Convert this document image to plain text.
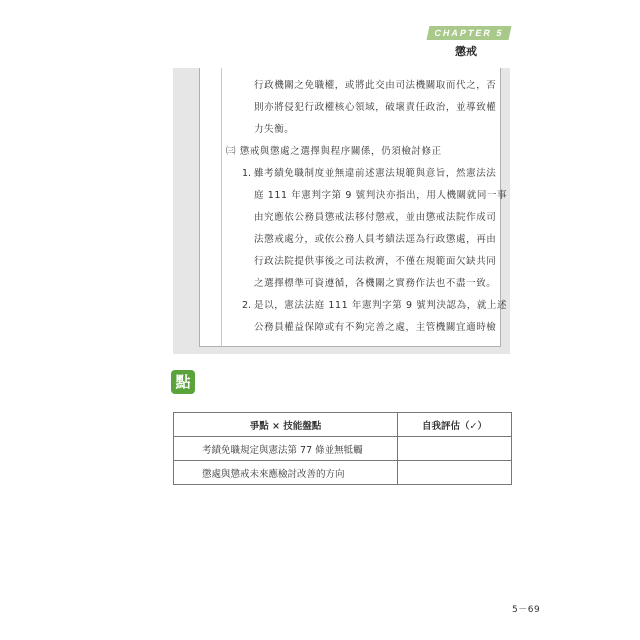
CHAPTER 5
懲戒
行政機關之免職權，或將此交由司法機關取而代之，否
則亦將侵犯行政權核心領域，破壞責任政治，並導致權
力失衡。
㈢ 懲戒與懲處之選擇與程序關係，仍須檢討修正
1. 雖考績免職制度並無違前述憲法規範與意旨，然憲法法
庭 111 年憲判字第 9 號判決亦指出，用人機關就同一事
由究應依公務員懲戒法移付懲戒，並由懲戒法院作成司
法懲戒處分，或依公務人員考績法逕為行政懲處，再由
行政法院提供事後之司法救濟，不僅在規範面欠缺共同
之選擇標準可資遵循，各機關之實務作法也不盡一致。
2. 是以，憲法法庭 111 年憲判字第 9 號判決認為，就上述
公務員權益保障或有不夠完善之處，主管機關宜適時檢
點
爭點 × 技能盤點	自我評估（✓）
考績免職規定與憲法第 77 條並無牴觸	
懲處與懲戒未來應檢討改善的方向	
5－69
